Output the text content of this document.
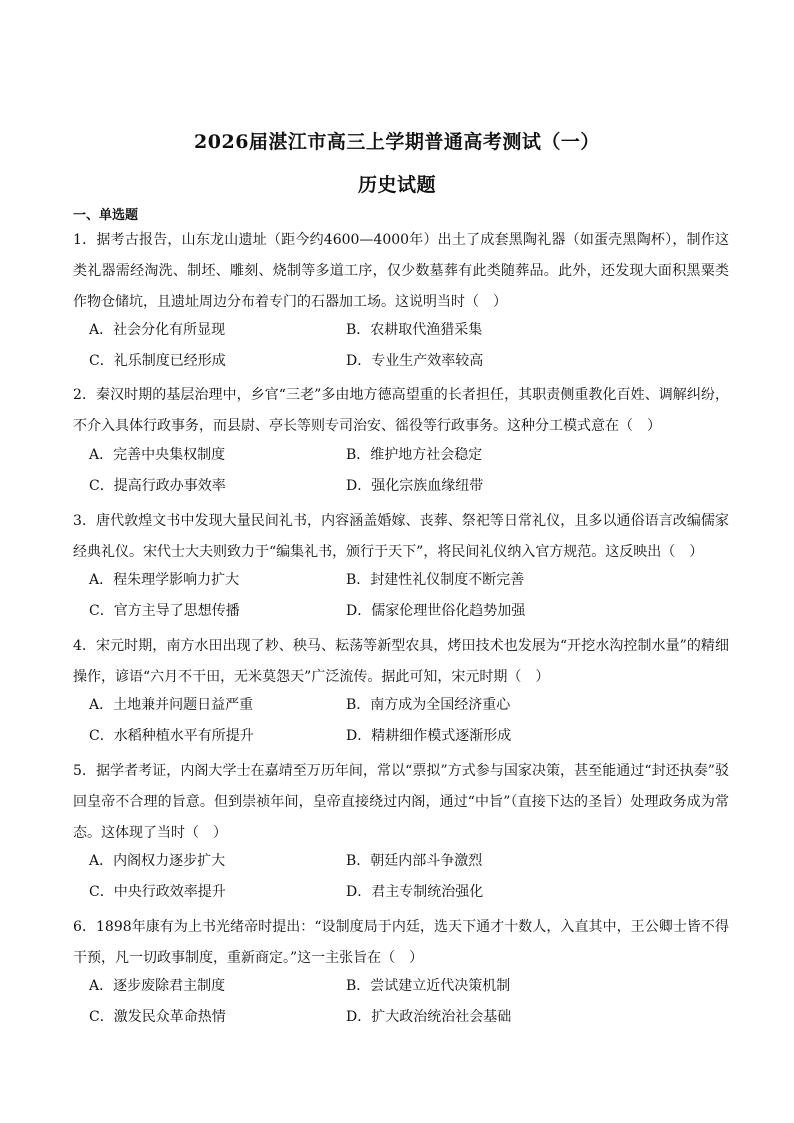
2026届湛江市高三上学期普通高考测试（一）
历史试题
一、单选题
1．据考古报告，山东龙山遗址（距今约4600—4000年）出土了成套黑陶礼器（如蛋壳黑陶杯），制作这类礼器需经淘洗、制坯、雕刻、烧制等多道工序，仅少数墓葬有此类随葬品。此外，还发现大面积黑粟类作物仓储坑，且遗址周边分布着专门的石器加工场。这说明当时（　）
A．社会分化有所显现	B．农耕取代渔猎采集
C．礼乐制度已经形成	D．专业生产效率较高
2．秦汉时期的基层治理中，乡官“三老”多由地方德高望重的长者担任，其职责侧重教化百姓、调解纠纷，不介入具体行政事务，而县尉、亭长等则专司治安、徭役等行政事务。这种分工模式意在（　）
A．完善中央集权制度	B．维护地方社会稳定
C．提高行政办事效率	D．强化宗族血缘纽带
3．唐代敦煌文书中发现大量民间礼书，内容涵盖婚嫁、丧葬、祭祀等日常礼仪，且多以通俗语言改编儒家经典礼仪。宋代士大夫则致力于“编集礼书，颁行于天下”，将民间礼仪纳入官方规范。这反映出（　）
A．程朱理学影响力扩大	B．封建性礼仪制度不断完善
C．官方主导了思想传播	D．儒家伦理世俗化趋势加强
4．宋元时期，南方水田出现了耖、秧马、耘荡等新型农具，烤田技术也发展为“开挖水沟控制水量”的精细操作，谚语“六月不干田，无米莫怨天”广泛流传。据此可知，宋元时期（　）
A．土地兼并问题日益严重	B．南方成为全国经济重心
C．水稻种植水平有所提升	D．精耕细作模式逐渐形成
5．据学者考证，内阁大学士在嘉靖至万历年间，常以“票拟”方式参与国家决策，甚至能通过“封还执奏”驳回皇帝不合理的旨意。但到崇祯年间，皇帝直接绕过内阁，通过“中旨”（直接下达的圣旨）处理政务成为常态。这体现了当时（　）
A．内阁权力逐步扩大	B．朝廷内部斗争激烈
C．中央行政效率提升	D．君主专制统治强化
6．1898年康有为上书光绪帝时提出：“设制度局于内廷，选天下通才十数人，入直其中，王公卿士皆不得干预，凡一切政事制度，重新商定。”这一主张旨在（　）
A．逐步废除君主制度	B．尝试建立近代决策机制
C．激发民众革命热情	D．扩大政治统治社会基础
